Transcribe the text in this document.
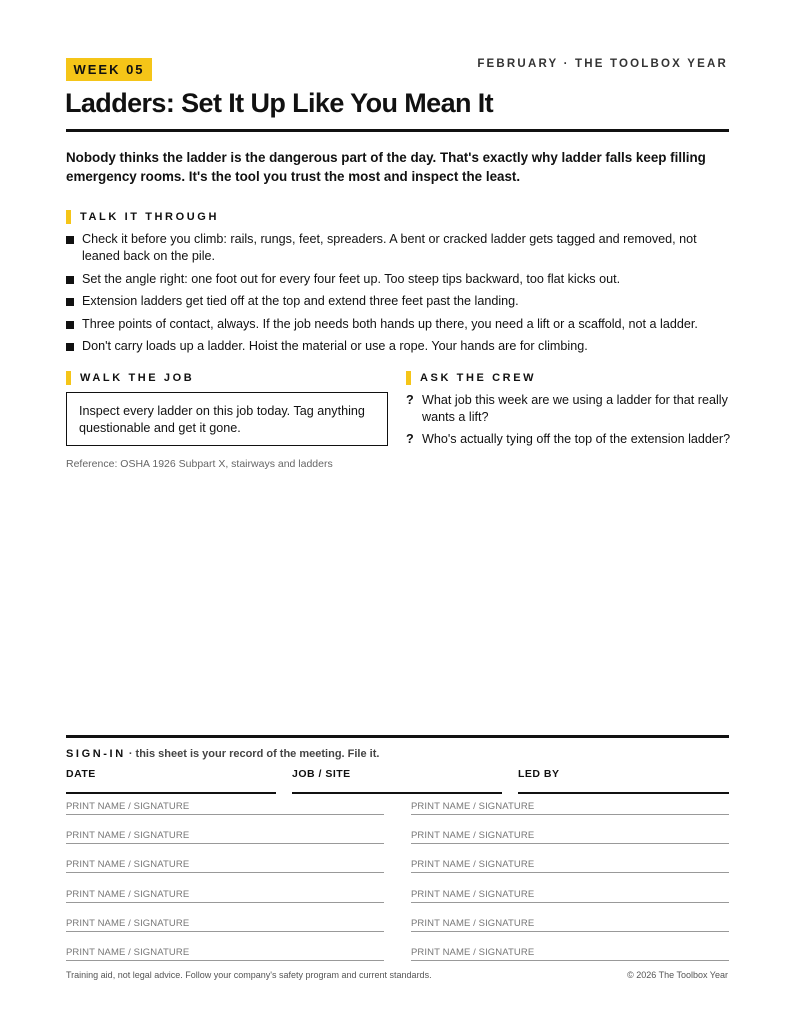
WEEK 05	FEBRUARY · THE TOOLBOX YEAR
Ladders: Set It Up Like You Mean It

Nobody thinks the ladder is the dangerous part of the day. That's exactly why ladder falls keep filling emergency rooms. It's the tool you trust the most and inspect the least.

TALK IT THROUGH
Check it before you climb: rails, rungs, feet, spreaders. A bent or cracked ladder gets tagged and removed, not leaned back on the pile.
Set the angle right: one foot out for every four feet up. Too steep tips backward, too flat kicks out.
Extension ladders get tied off at the top and extend three feet past the landing.
Three points of contact, always. If the job needs both hands up there, you need a lift or a scaffold, not a ladder.
Don't carry loads up a ladder. Hoist the material or use a rope. Your hands are for climbing.
WALK THE JOB
Inspect every ladder on this job today. Tag anything questionable and get it gone.
Reference: OSHA 1926 Subpart X, stairways and ladders
ASK THE CREW
? What job this week are we using a ladder for that really wants a lift?
? Who's actually tying off the top of the extension ladder?
SIGN-IN · this sheet is your record of the meeting. File it.
DATE	JOB / SITE	LED BY
PRINT NAME / SIGNATURE
PRINT NAME / SIGNATURE
PRINT NAME / SIGNATURE
PRINT NAME / SIGNATURE
PRINT NAME / SIGNATURE
PRINT NAME / SIGNATURE
PRINT NAME / SIGNATURE
PRINT NAME / SIGNATURE
PRINT NAME / SIGNATURE
PRINT NAME / SIGNATURE
PRINT NAME / SIGNATURE
PRINT NAME / SIGNATURE
Training aid, not legal advice. Follow your company's safety program and current standards.	© 2026 The Toolbox Year
